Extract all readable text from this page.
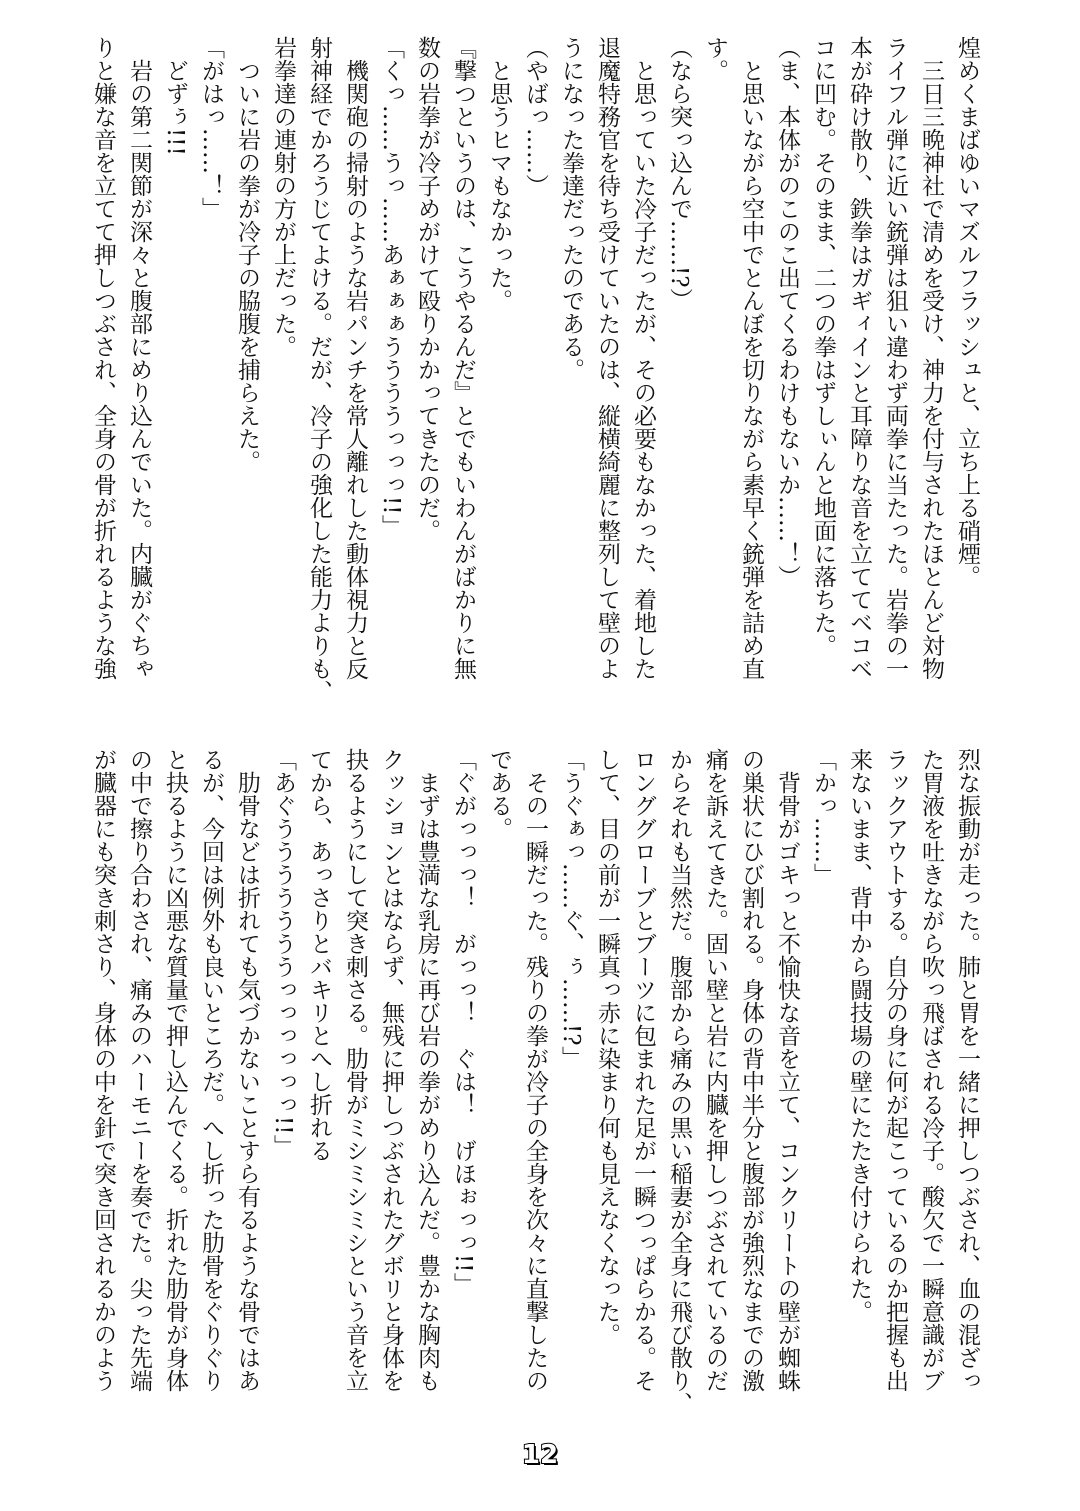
煌めくまばゆいマズルフラッシュと、立ち上る硝煙。
三日三晩神社で清めを受け、神力を付与されたほとんど対物
ライフル弾に近い銃弾は狙い違わず両拳に当たった。岩拳の一
本が砕け散り、鉄拳はガギィインと耳障りな音を立ててベコベ
コに凹む。そのまま、二つの拳はずしぃんと地面に落ちた。
（ま、本体がのこのこ出てくるわけもないか……！）
と思いながら空中でとんぼを切りながら素早く銃弾を詰め直
す。
（なら突っ込んで……!?）
と思っていた冷子だったが、その必要もなかった、着地した
退魔特務官を待ち受けていたのは、縦横綺麗に整列して壁のよ
うになった拳達だったのである。
（やばっ……）
と思うヒマもなかった。
『撃つというのは、こうやるんだ』とでもいわんがばかりに無
数の岩拳が冷子めがけて殴りかかってきたのだ。
「くっ……うっ……あぁぁぁううううっっっ!!」
機関砲の掃射のような岩パンチを常人離れした動体視力と反
射神経でかろうじてよける。だが、冷子の強化した能力よりも、
岩拳達の連射の方が上だった。
ついに岩の拳が冷子の脇腹を捕らえた。
「がはっ……！」
どずぅ!!!
岩の第二関節が深々と腹部にめり込んでいた。内臓がぐちゃ
りと嫌な音を立てて押しつぶされ、全身の骨が折れるような強
烈な振動が走った。肺と胃を一緒に押しつぶされ、血の混ざっ
た胃液を吐きながら吹っ飛ばされる冷子。酸欠で一瞬意識がブ
ラックアウトする。自分の身に何が起こっているのか把握も出
来ないまま、背中から闘技場の壁にたたき付けられた。
「かっ……」
背骨がゴキっと不愉快な音を立て、コンクリートの壁が蜘蛛
の巣状にひび割れる。身体の背中半分と腹部が強烈なまでの激
痛を訴えてきた。固い壁と岩に内臓を押しつぶされているのだ
からそれも当然だ。腹部から痛みの黒い稲妻が全身に飛び散り、
ロンググローブとブーツに包まれた足が一瞬つっぱらかる。そ
して、目の前が一瞬真っ赤に染まり何も見えなくなった。
「うぐぁっ……ぐ、ぅ……!?」
その一瞬だった。残りの拳が冷子の全身を次々に直撃したの
である。
「ぐがっっっ！　がっっ！　ぐは！　げほぉっっ!!」
まずは豊満な乳房に再び岩の拳がめり込んだ。豊かな胸肉も
クッションとはならず、無残に押しつぶされたグボリと身体を
抉るようにして突き刺さる。肋骨がミシミシミシという音を立
てから、あっさりとバキリとへし折れる
「あぐうううううううっっっっっっ!!」
肋骨などは折れても気づかないことすら有るような骨ではあ
るが、今回は例外も良いところだ。へし折った肋骨をぐりぐり
と抉るように凶悪な質量で押し込んでくる。折れた肋骨が身体
の中で擦り合わされ、痛みのハーモニーを奏でた。尖った先端
が臓器にも突き刺さり、身体の中を針で突き回されるかのよう
12
